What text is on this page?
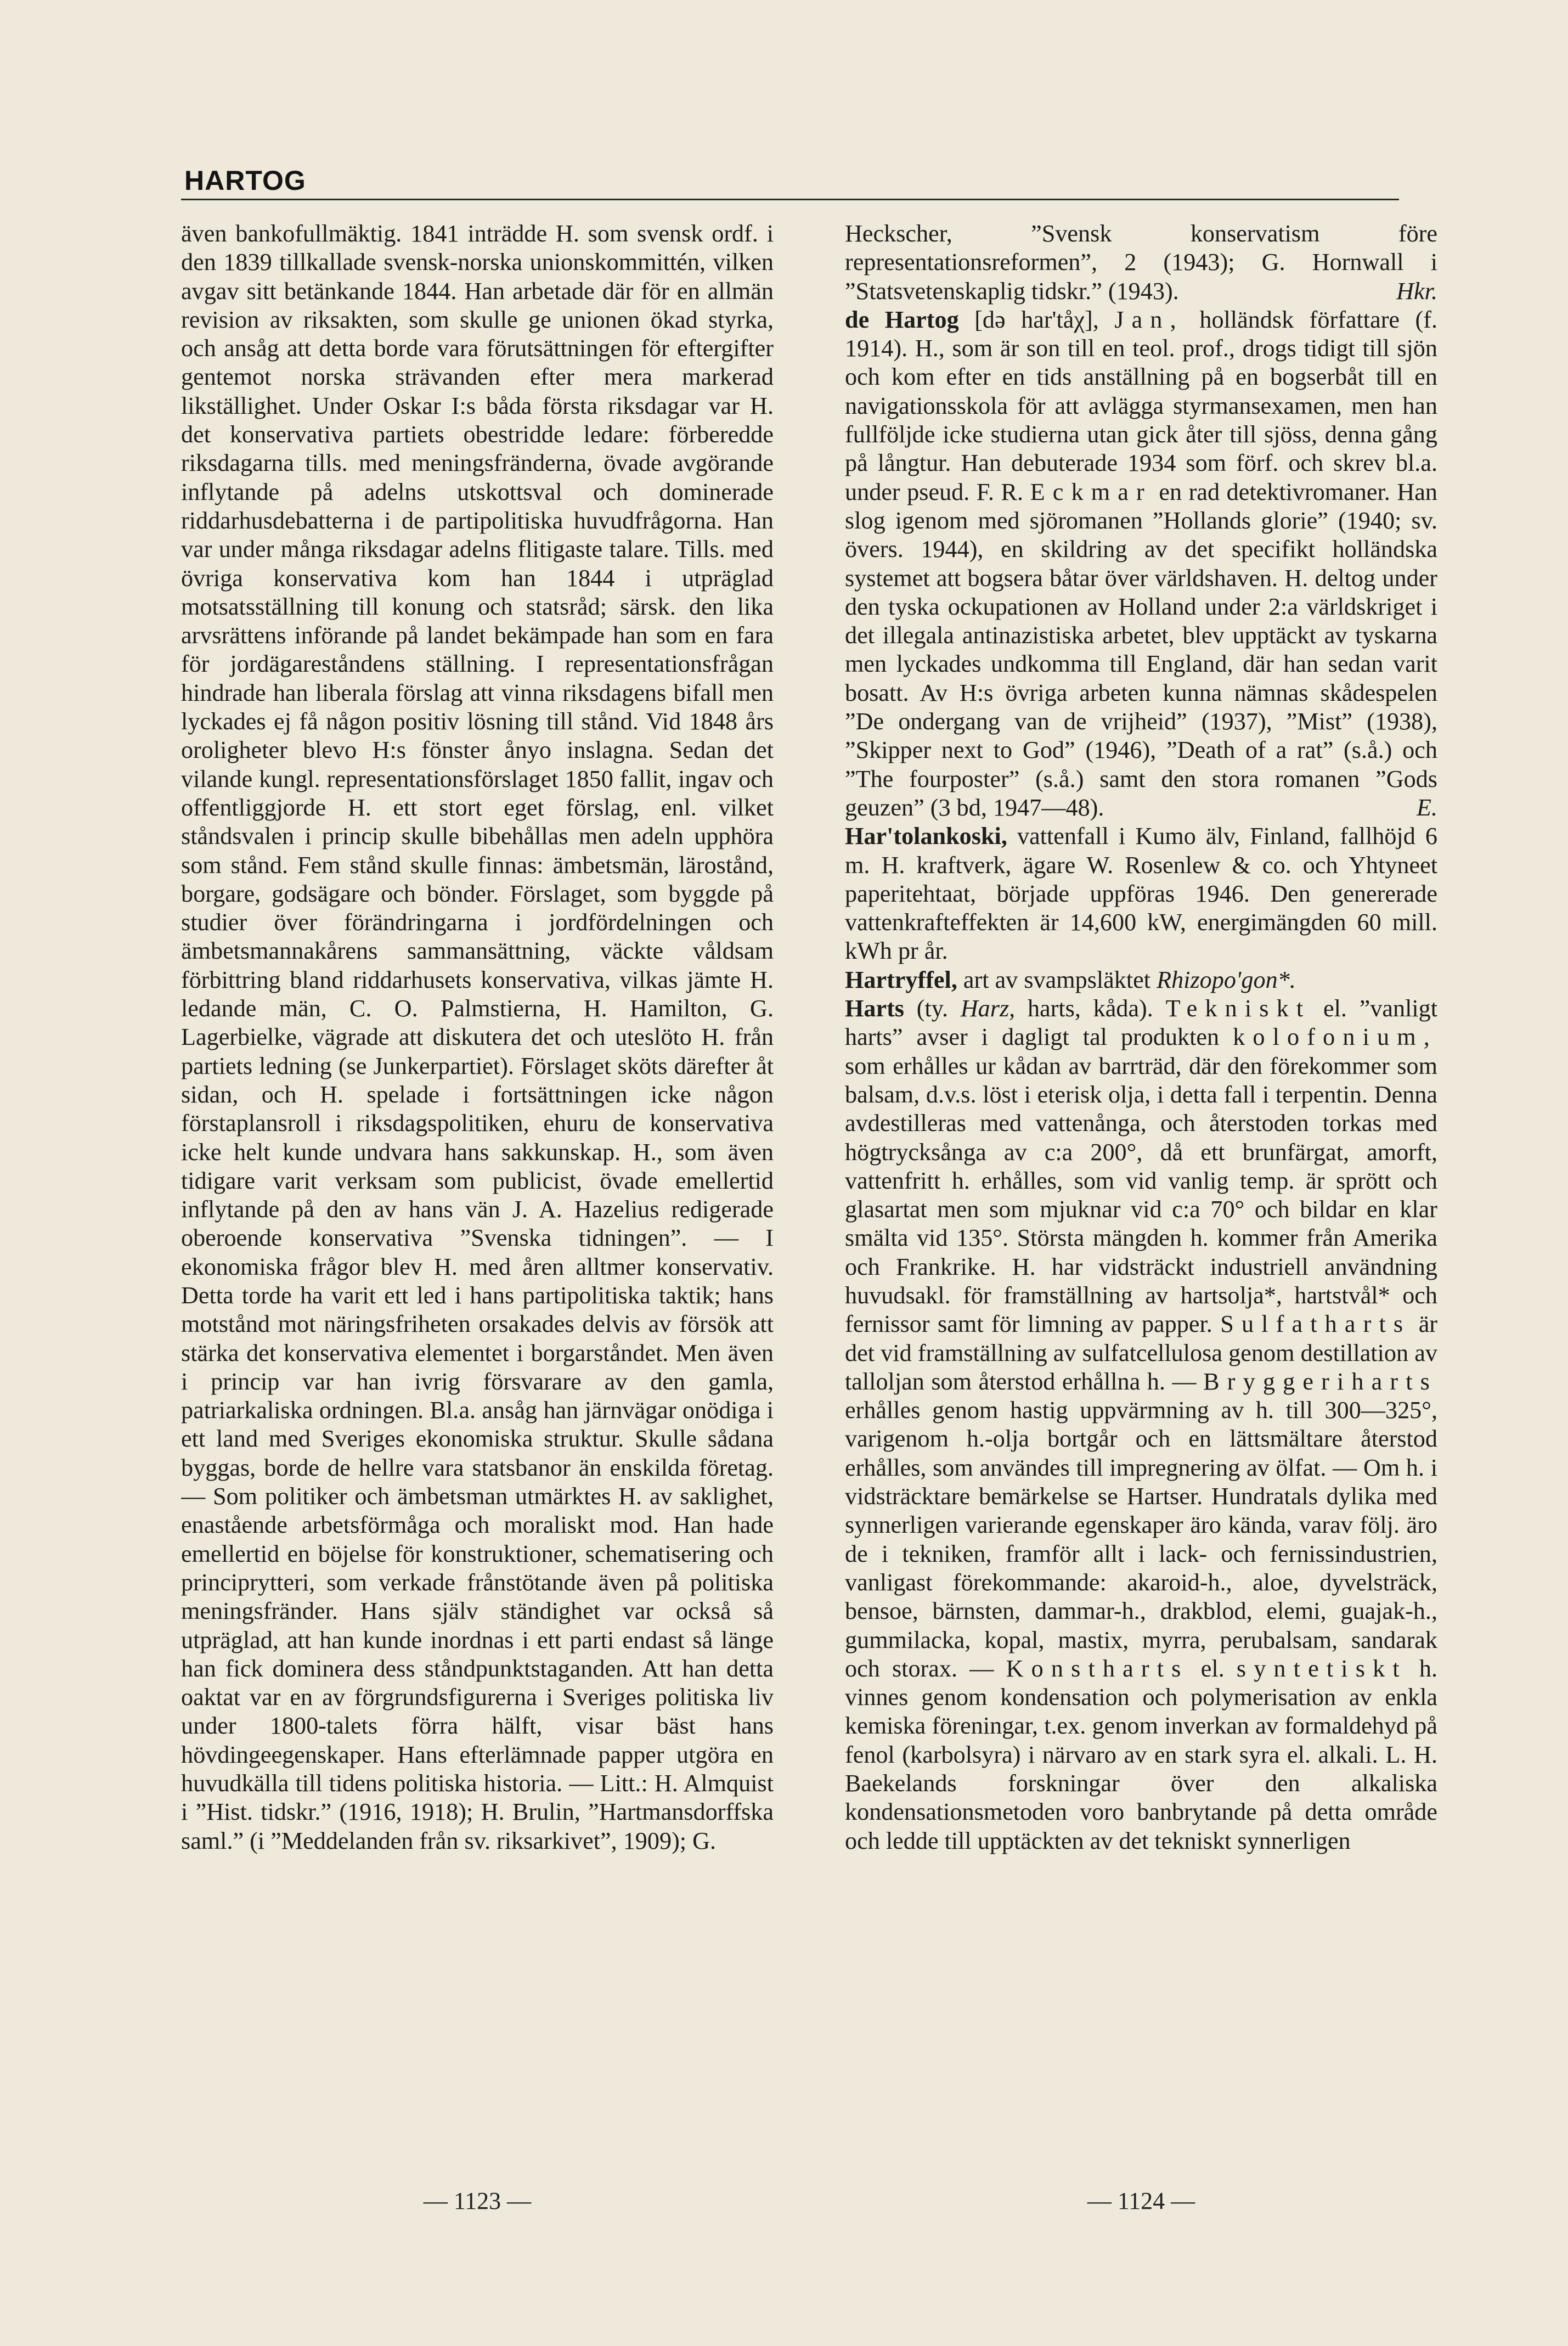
HARTOG

även bankofullmäktig. 1841 inträdde H. som svensk ordf. i den 1839 tillkallade svensk-norska unionskommittén, vilken avgav sitt betänkande 1844. Han arbetade där för en allmän revision av riksakten, som skulle ge unionen ökad styrka, och ansåg att detta borde vara förutsättningen för eftergifter gentemot norska strävanden efter mera markerad likställighet. Under Oskar I:s båda första riksdagar var H. det konservativa partiets obestridde ledare: förberedde riksdagarna tills. med meningsfränderna, övade avgörande inflytande på adelns utskottsval och dominerade riddarhusdebatterna i de partipolitiska huvudfrågorna. Han var under många riksdagar adelns flitigaste talare. Tills. med övriga konservativa kom han 1844 i utpräglad motsatsställning till konung och statsråd; särsk. den lika arvsrättens införande på landet bekämpade han som en fara för jordägareståndens ställning. I representationsfrågan hindrade han liberala förslag att vinna riksdagens bifall men lyckades ej få någon positiv lösning till stånd. Vid 1848 års oroligheter blevo H:s fönster ånyo inslagna. Sedan det vilande kungl. representationsförslaget 1850 fallit, ingav och offentliggjorde H. ett stort eget förslag, enl. vilket ståndsvalen i princip skulle bibehållas men adeln upphöra som stånd. Fem stånd skulle finnas: ämbetsmän, lärostånd, borgare, godsägare och bönder. Förslaget, som byggde på studier över förändringarna i jordfördelningen och ämbetsmannakårens sammansättning, väckte våldsam förbittring bland riddarhusets konservativa, vilkas jämte H. ledande män, C. O. Palmstierna, H. Hamilton, G. Lagerbielke, vägrade att diskutera det och uteslöto H. från partiets ledning (se Junkerpartiet). Förslaget sköts därefter åt sidan, och H. spelade i fortsättningen icke någon förstaplansroll i riksdagspolitiken, ehuru de konservativa icke helt kunde undvara hans sakkunskap. H., som även tidigare varit verksam som publicist, övade emellertid inflytande på den av hans vän J. A. Hazelius redigerade oberoende konservativa ”Svenska tidningen”. — I ekonomiska frågor blev H. med åren alltmer konservativ. Detta torde ha varit ett led i hans partipolitiska taktik; hans motstånd mot näringsfriheten orsakades delvis av försök att stärka det konservativa elementet i borgarståndet. Men även i princip var han ivrig försvarare av den gamla, patriarkaliska ordningen. Bl.a. ansåg han järnvägar onödiga i ett land med Sveriges ekonomiska struktur. Skulle sådana byggas, borde de hellre vara statsbanor än enskilda företag. — Som politiker och ämbetsman utmärktes H. av saklighet, enastående arbetsförmåga och moraliskt mod. Han hade emellertid en böjelse för konstruktioner, schematisering och principrytteri, som verkade frånstötande även på politiska meningsfränder. Hans själv ständighet var också så utpräglad, att han kunde inordnas i ett parti endast så länge han fick dominera dess ståndpunktstaganden. Att han detta oaktat var en av förgrundsfigurerna i Sveriges politiska liv under 1800-talets förra hälft, visar bäst hans hövdingeegenskaper. Hans efterlämnade papper utgöra en huvudkälla till tidens politiska historia. — Litt.: H. Almquist i ”Hist. tidskr.” (1916, 1918); H. Brulin, ”Hartmansdorffska saml.” (i ”Meddelanden från sv. riksarkivet”, 1909); G.

Heckscher, ”Svensk konservatism före representationsreformen”, 2 (1943); G. Hornwall i ”Statsvetenskaplig tidskr.” (1943).	Hkr.

de Hartog [də har'tåχ], Jan, holländsk författare (f. 1914). H., som är son till en teol. prof., drogs tidigt till sjön och kom efter en tids anställning på en bogserbåt till en navigationsskola för att avlägga styrmansexamen, men han fullföljde icke studierna utan gick åter till sjöss, denna gång på långtur. Han debuterade 1934 som förf. och skrev bl.a. under pseud. F. R. Eckmar en rad detektivromaner. Han slog igenom med sjöromanen ”Hollands glorie” (1940; sv. övers. 1944), en skildring av det specifikt holländska systemet att bogsera båtar över världshaven. H. deltog under den tyska ockupationen av Holland under 2:a världskriget i det illegala antinazistiska arbetet, blev upptäckt av tyskarna men lyckades undkomma till England, där han sedan varit bosatt. Av H:s övriga arbeten kunna nämnas skådespelen ”De ondergang van de vrijheid” (1937), ”Mist” (1938), ”Skipper next to God” (1946), ”Death of a rat” (s.å.) och ”The fourposter” (s.å.) samt den stora romanen ”Gods geuzen” (3 bd, 1947—48).	E.

Har'tolankoski, vattenfall i Kumo älv, Finland, fallhöjd 6 m. H. kraftverk, ägare W. Rosenlew & co. och Yhtyneet paperitehtaat, började uppföras 1946. Den genererade vattenkrafteffekten är 14,600 kW, energimängden 60 mill. kWh pr år.

Hartryffel, art av svampsläktet Rhizopo'gon*.

Harts (ty. Harz, harts, kåda). Tekniskt el. ”vanligt harts” avser i dagligt tal produkten kolofonium, som erhålles ur kådan av barrträd, där den förekommer som balsam, d.v.s. löst i eterisk olja, i detta fall i terpentin. Denna avdestilleras med vattenånga, och återstoden torkas med högtrycksånga av c:a 200°, då ett brunfärgat, amorft, vattenfritt h. erhålles, som vid vanlig temp. är sprött och glasartat men som mjuknar vid c:a 70° och bildar en klar smälta vid 135°. Största mängden h. kommer från Amerika och Frankrike. H. har vidsträckt industriell användning huvudsakl. för framställning av hartsolja*, hartstvål* och fernissor samt för limning av papper. Sulfatharts är det vid framställning av sulfatcellulosa genom destillation av talloljan som återstod erhållna h. — Bryggeriharts erhålles genom hastig uppvärmning av h. till 300—325°, varigenom h.-olja bortgår och en lättsmältare återstod erhålles, som användes till impregnering av ölfat. — Om h. i vidsträcktare bemärkelse se Hartser. Hundratals dylika med synnerligen varierande egenskaper äro kända, varav följ. äro de i tekniken, framför allt i lack- och fernissindustrien, vanligast förekommande: akaroid-h., aloe, dyvelsträck, bensoe, bärnsten, dammar-h., drakblod, elemi, guajak-h., gummilacka, kopal, mastix, myrra, perubalsam, sandarak och storax. — Konstharts el. syntetiskt h. vinnes genom kondensation och polymerisation av enkla kemiska föreningar, t.ex. genom inverkan av formaldehyd på fenol (karbolsyra) i närvaro av en stark syra el. alkali. L. H. Baekelands forskningar över den alkaliska kondensationsmetoden voro banbrytande på detta område och ledde till upptäckten av det tekniskt synnerligen

— 1123 —	— 1124 —
